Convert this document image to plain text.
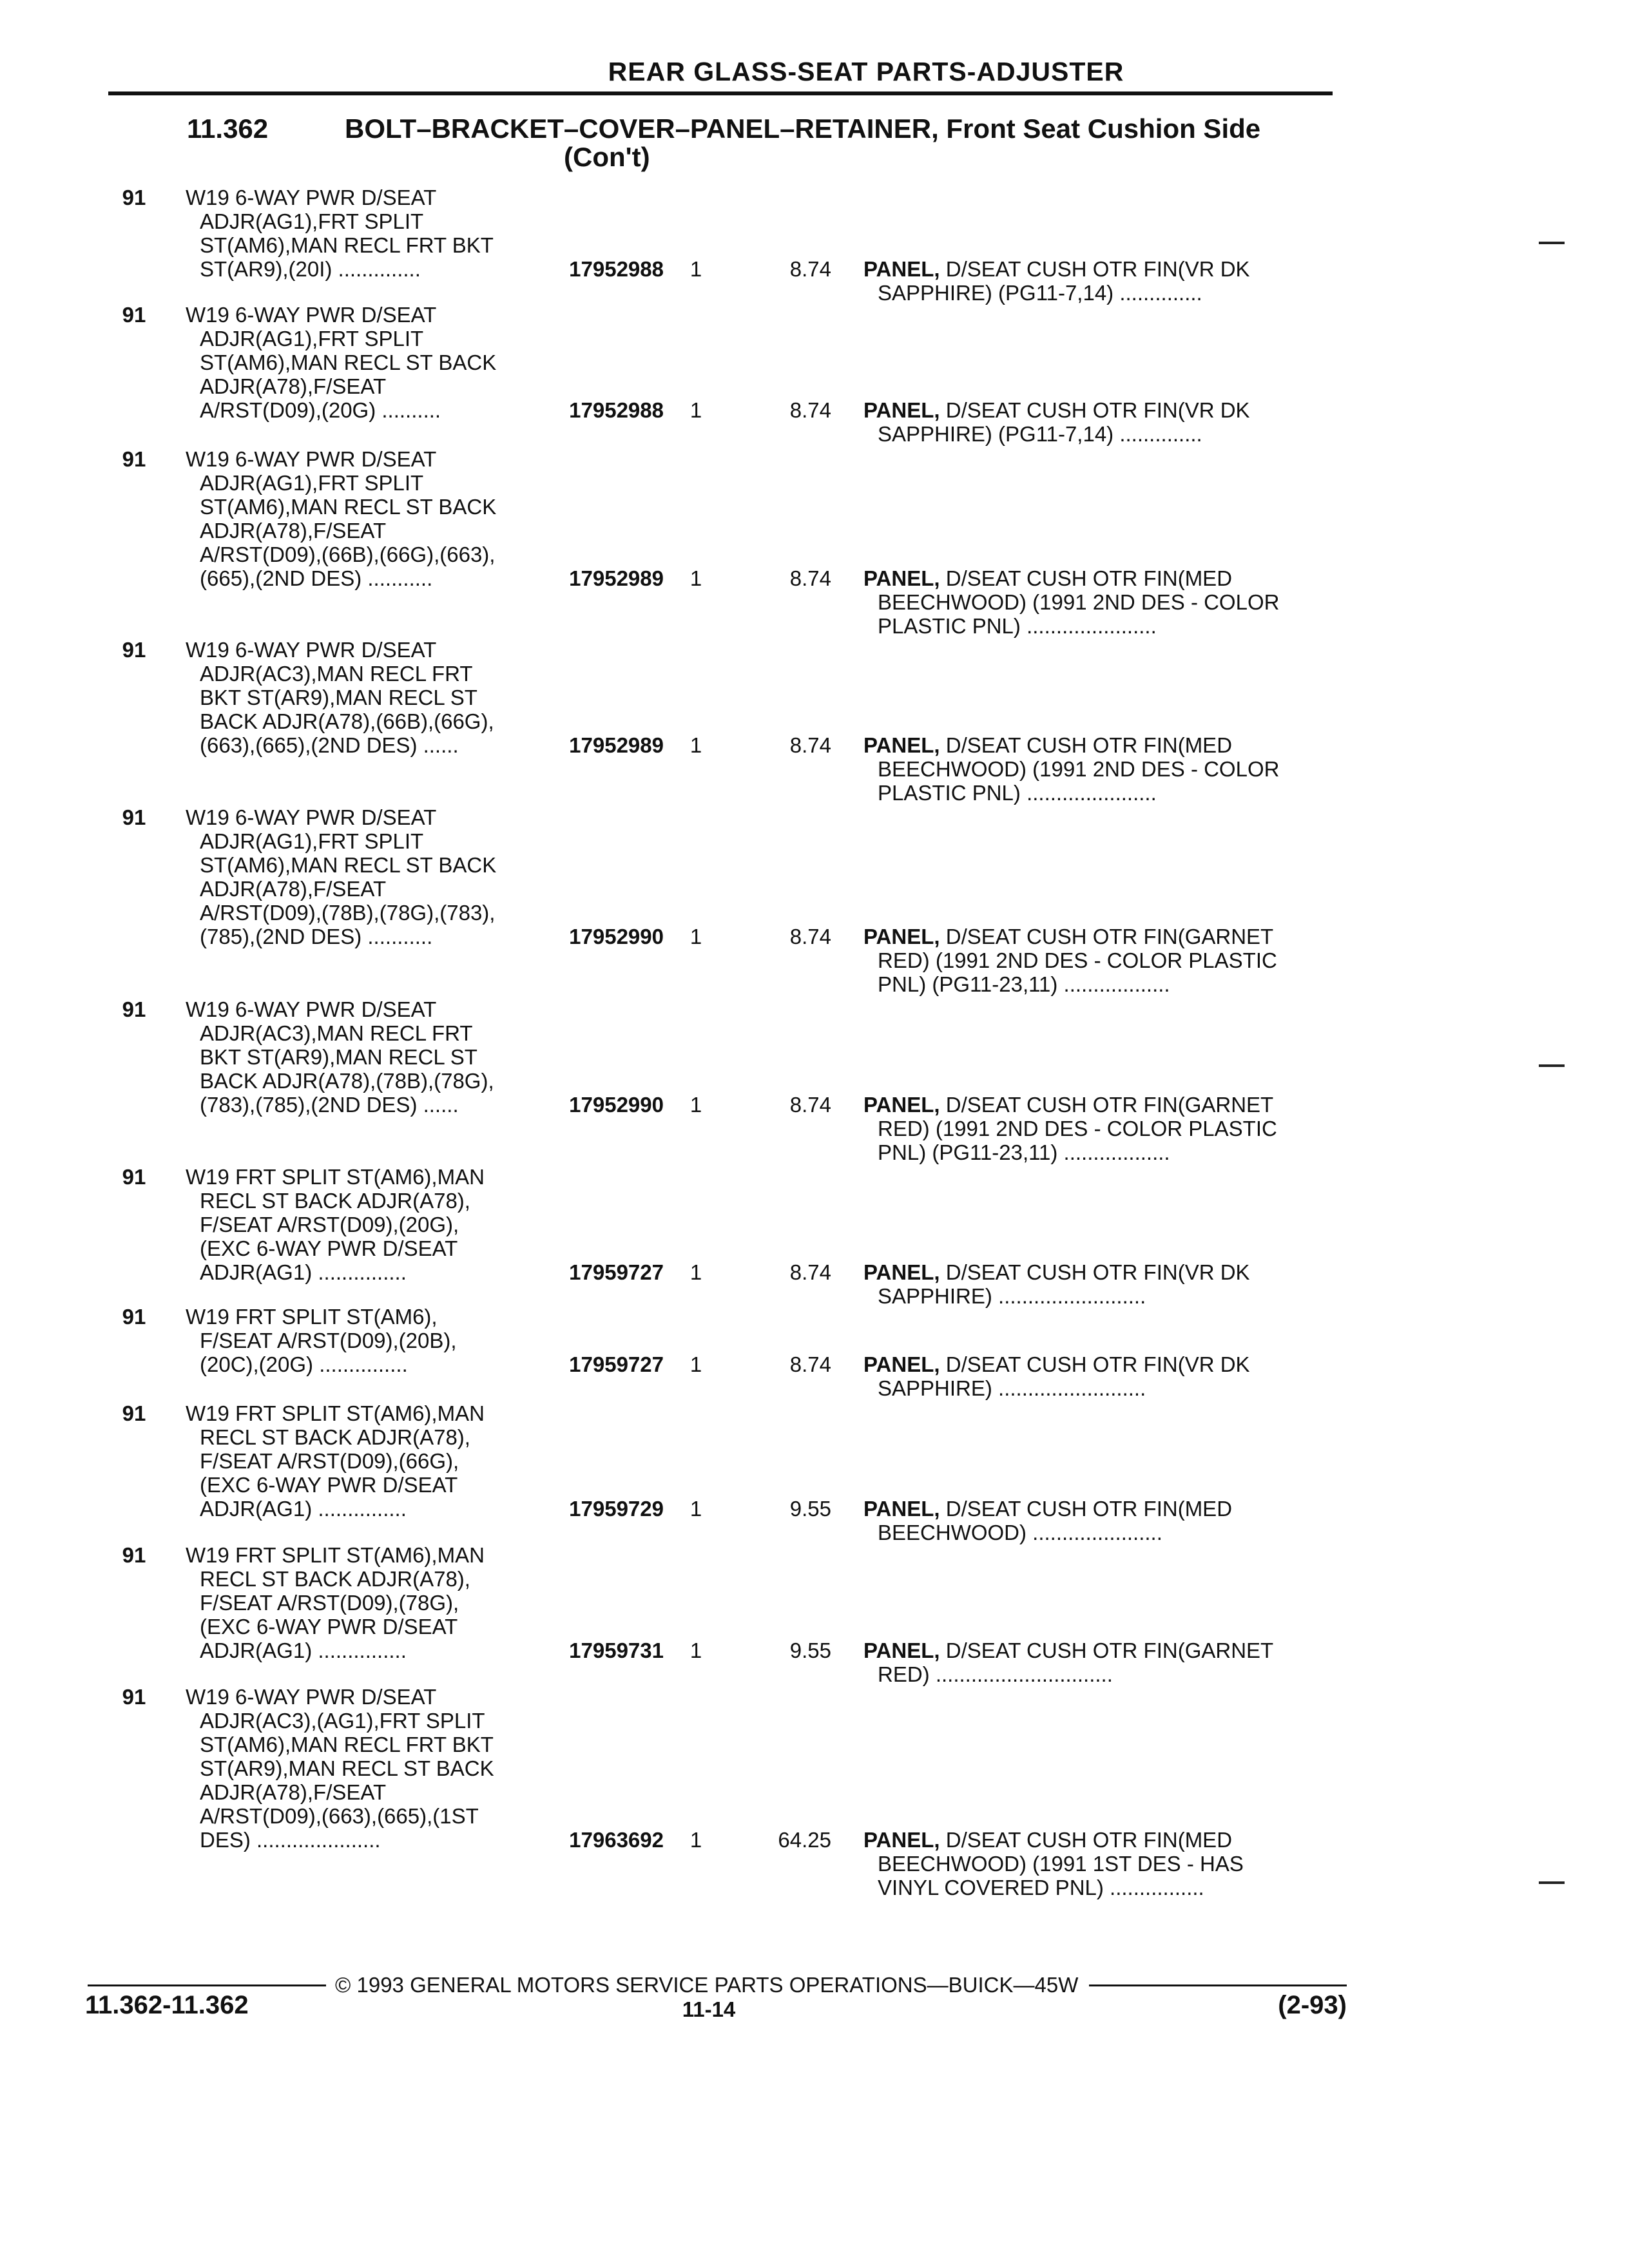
REAR GLASS-SEAT PARTS-ADJUSTER
11.362	BOLT–BRACKET–COVER–PANEL–RETAINER, Front Seat Cushion Side
(Con't)
91	W19 6-WAY PWR D/SEAT
ADJR(AG1),FRT SPLIT
ST(AM6),MAN RECL FRT BKT
ST(AR9),(20I) ..............	17952988	1	8.74 PANEL, D/SEAT CUSH OTR FIN(VR DK
SAPPHIRE) (PG11-7,14) ..............
91	W19 6-WAY PWR D/SEAT
ADJR(AG1),FRT SPLIT
ST(AM6),MAN RECL ST BACK
ADJR(A78),F/SEAT
A/RST(D09),(20G) ..........	17952988	1	8.74 PANEL, D/SEAT CUSH OTR FIN(VR DK
SAPPHIRE) (PG11-7,14) ..............
91	W19 6-WAY PWR D/SEAT
ADJR(AG1),FRT SPLIT
ST(AM6),MAN RECL ST BACK
ADJR(A78),F/SEAT
A/RST(D09),(66B),(66G),(663),
(665),(2ND DES) ...........	17952989	1	8.74 PANEL, D/SEAT CUSH OTR FIN(MED
BEECHWOOD) (1991 2ND DES - COLOR
PLASTIC PNL) ......................
91	W19 6-WAY PWR D/SEAT
ADJR(AC3),MAN RECL FRT
BKT ST(AR9),MAN RECL ST
BACK ADJR(A78),(66B),(66G),
(663),(665),(2ND DES) ......	17952989	1	8.74 PANEL, D/SEAT CUSH OTR FIN(MED
BEECHWOOD) (1991 2ND DES - COLOR
PLASTIC PNL) ......................
91	W19 6-WAY PWR D/SEAT
ADJR(AG1),FRT SPLIT
ST(AM6),MAN RECL ST BACK
ADJR(A78),F/SEAT
A/RST(D09),(78B),(78G),(783),
(785),(2ND DES) ...........	17952990	1	8.74 PANEL, D/SEAT CUSH OTR FIN(GARNET
RED) (1991 2ND DES - COLOR PLASTIC
PNL) (PG11-23,11) ..................
91	W19 6-WAY PWR D/SEAT
ADJR(AC3),MAN RECL FRT
BKT ST(AR9),MAN RECL ST
BACK ADJR(A78),(78B),(78G),
(783),(785),(2ND DES) ......	17952990	1	8.74 PANEL, D/SEAT CUSH OTR FIN(GARNET
RED) (1991 2ND DES - COLOR PLASTIC
PNL) (PG11-23,11) ..................
91	W19 FRT SPLIT ST(AM6),MAN
RECL ST BACK ADJR(A78),
F/SEAT A/RST(D09),(20G),
(EXC 6-WAY PWR D/SEAT
ADJR(AG1) ...............	17959727	1	8.74 PANEL, D/SEAT CUSH OTR FIN(VR DK
SAPPHIRE) .........................
91	W19 FRT SPLIT ST(AM6),
F/SEAT A/RST(D09),(20B),
(20C),(20G) ...............	17959727	1	8.74 PANEL, D/SEAT CUSH OTR FIN(VR DK
SAPPHIRE) .........................
91	W19 FRT SPLIT ST(AM6),MAN
RECL ST BACK ADJR(A78),
F/SEAT A/RST(D09),(66G),
(EXC 6-WAY PWR D/SEAT
ADJR(AG1) ...............	17959729	1	9.55 PANEL, D/SEAT CUSH OTR FIN(MED
BEECHWOOD) ......................
91	W19 FRT SPLIT ST(AM6),MAN
RECL ST BACK ADJR(A78),
F/SEAT A/RST(D09),(78G),
(EXC 6-WAY PWR D/SEAT
ADJR(AG1) ...............	17959731	1	9.55 PANEL, D/SEAT CUSH OTR FIN(GARNET
RED) ..............................
91	W19 6-WAY PWR D/SEAT
ADJR(AC3),(AG1),FRT SPLIT
ST(AM6),MAN RECL FRT BKT
ST(AR9),MAN RECL ST BACK
ADJR(A78),F/SEAT
A/RST(D09),(663),(665),(1ST
DES) .....................	17963692	1	64.25 PANEL, D/SEAT CUSH OTR FIN(MED
BEECHWOOD) (1991 1ST DES - HAS
VINYL COVERED PNL) ................
© 1993 GENERAL MOTORS SERVICE PARTS OPERATIONS—BUICK—45W
11.362-11.362	11-14	(2-93)
